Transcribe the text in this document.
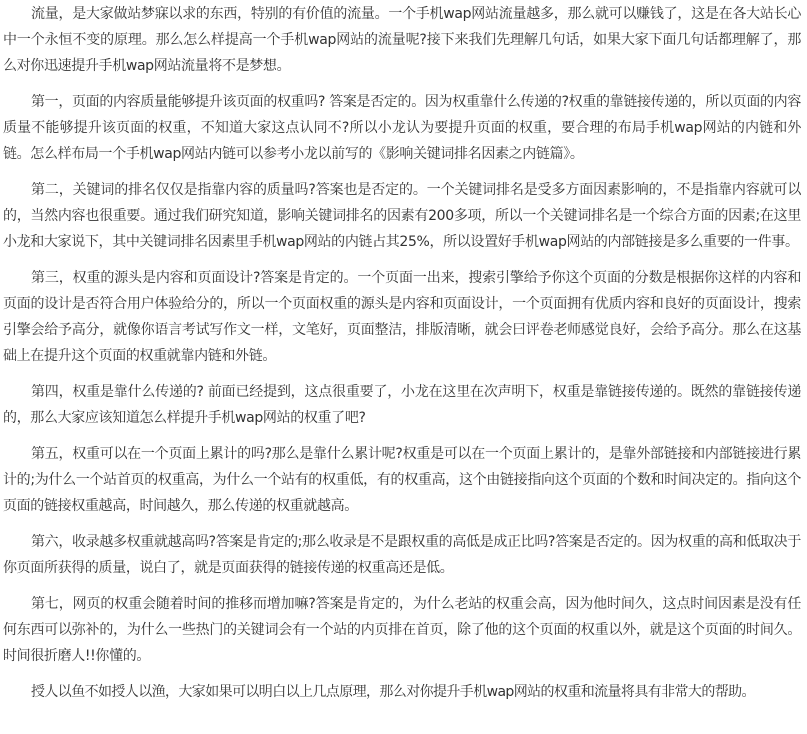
流量，是大家做站梦寐以求的东西，特别的有价值的流量。一个手机wap网站流量越多，那么就可以赚钱了，这是在各大站长心中一个永恒不变的原理。那么怎么样提高一个手机wap网站的流量呢?接下来我们先理解几句话，如果大家下面几句话都理解了，那么对你迅速提升手机wap网站流量将不是梦想。

第一，页面的内容质量能够提升该页面的权重吗? 答案是否定的。因为权重靠什么传递的?权重的靠链接传递的，所以页面的内容质量不能够提升该页面的权重，不知道大家这点认同不?所以小龙认为要提升页面的权重，要合理的布局手机wap网站的内链和外链。怎么样布局一个手机wap网站内链可以参考小龙以前写的《影响关键词排名因素之内链篇》。

第二，关键词的排名仅仅是指靠内容的质量吗?答案也是否定的。一个关键词排名是受多方面因素影响的，不是指靠内容就可以的，当然内容也很重要。通过我们研究知道，影响关键词排名的因素有200多项，所以一个关键词排名是一个综合方面的因素;在这里小龙和大家说下，其中关键词排名因素里手机wap网站的内链占其25%，所以设置好手机wap网站的内部链接是多么重要的一件事。

第三，权重的源头是内容和页面设计?答案是肯定的。一个页面一出来，搜索引擎给予你这个页面的分数是根据你这样的内容和页面的设计是否符合用户体验给分的，所以一个页面权重的源头是内容和页面设计，一个页面拥有优质内容和良好的页面设计，搜索引擎会给予高分，就像你语言考试写作文一样，文笔好，页面整洁，排版清晰，就会曰评卷老师感觉良好，会给予高分。那么在这基础上在提升这个页面的权重就靠内链和外链。

第四，权重是靠什么传递的? 前面已经提到，这点很重要了，小龙在这里在次声明下，权重是靠链接传递的。既然的靠链接传递的，那么大家应该知道怎么样提升手机wap网站的权重了吧?

第五，权重可以在一个页面上累计的吗?那么是靠什么累计呢?权重是可以在一个页面上累计的，是靠外部链接和内部链接进行累计的;为什么一个站首页的权重高，为什么一个站有的权重低，有的权重高，这个由链接指向这个页面的个数和时间决定的。指向这个页面的链接权重越高，时间越久，那么传递的权重就越高。

第六，收录越多权重就越高吗?答案是肯定的;那么收录是不是跟权重的高低是成正比吗?答案是否定的。因为权重的高和低取决于你页面所获得的质量，说白了，就是页面获得的链接传递的权重高还是低。

第七，网页的权重会随着时间的推移而增加嘛?答案是肯定的，为什么老站的权重会高，因为他时间久，这点时间因素是没有任何东西可以弥补的，为什么一些热门的关键词会有一个站的内页排在首页，除了他的这个页面的权重以外，就是这个页面的时间久。时间很折磨人!!你懂的。

授人以鱼不如授人以渔，大家如果可以明白以上几点原理，那么对你提升手机wap网站的权重和流量将具有非常大的帮助。
